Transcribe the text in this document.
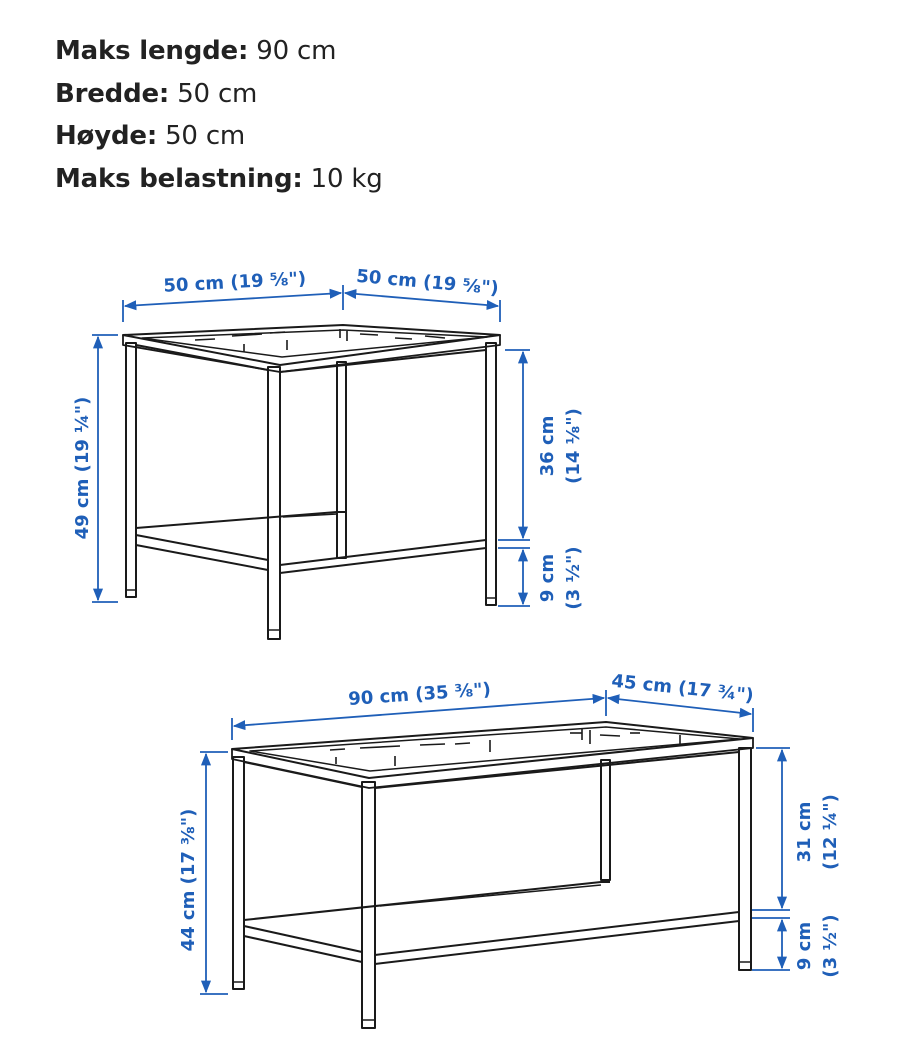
Maks lengde: 90 cm
Bredde: 50 cm
Høyde: 50 cm
Maks belastning: 10 kg
50 cm (19 ⅝")	50 cm (19 ⅝")
49 cm (19 ¼")	36 cm (14 ⅛")
9 cm (3 ½")
90 cm (35 ⅜")	45 cm (17 ¾")
44 cm (17 ⅜")	31 cm (12 ¼")
9 cm (3 ½")
